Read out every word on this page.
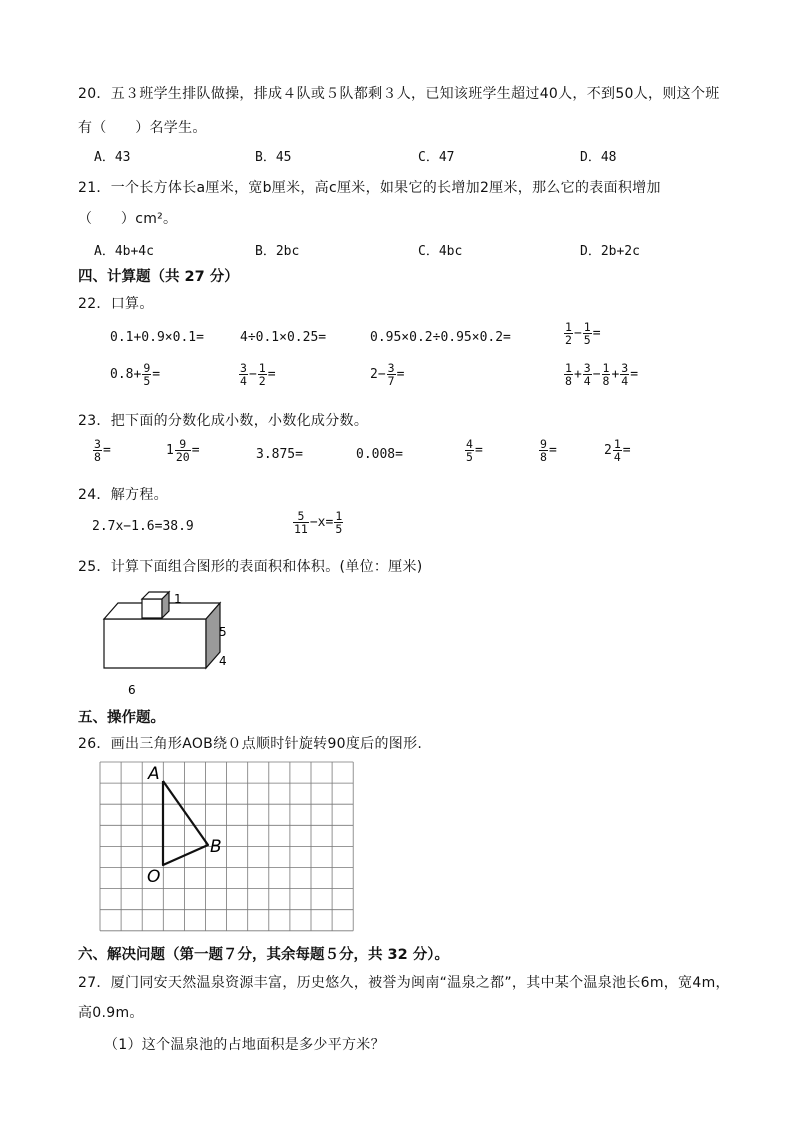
20．五３班学生排队做操，排成４队或５队都剩３人，已知该班学生超过40人，不到50人，则这个班
有（　　）名学生。
A．43	B．45	C．47	D．48
21．一个长方体长a厘米，宽b厘米，高c厘米，如果它的长增加2厘米，那么它的表面积增加
（　　）cm²。
A．4b+4c	B．2bc	C．4bc	D．2b+2c
四、计算题（共 27 分）
22．口算。
0.1+0.9×0.1=	4÷0.1×0.25=	0.95×0.2÷0.95×0.2=	$\frac{1}{2} - \frac{1}{5}$ =
$0.8+ \frac{9}{5}$ =	$\frac{3}{4} - \frac{1}{2}$ =	$2- \frac{3}{7}$ =	$\frac{1}{8} + \frac{3}{4} - \frac{1}{8} + \frac{3}{4}$ =
23．把下面的分数化成小数，小数化成分数。
$\frac{3}{8}$ =	$1 \frac{9}{20}$ =	3.875=	0.008=	$\frac{4}{5}$ =	$\frac{9}{8}$ =	$2 \frac{1}{4}$ =
24．解方程。
2.7x−1.6=38.9	$\frac{5}{11} -x= \frac{1}{5}$
25．计算下面组合图形的表面积和体积。(单位：厘米)
1
5
4
6
五、操作题。
26．画出三角形AOB绕０点顺时针旋转90度后的图形.
A
B
O
六、解决问题（第一题７分，其余每题５分，共 32 分）。
27．厦门同安天然温泉资源丰富，历史悠久，被誉为闽南“温泉之都”，其中某个温泉池长6m，宽4m，
高0.9m。
（1）这个温泉池的占地面积是多少平方米？
